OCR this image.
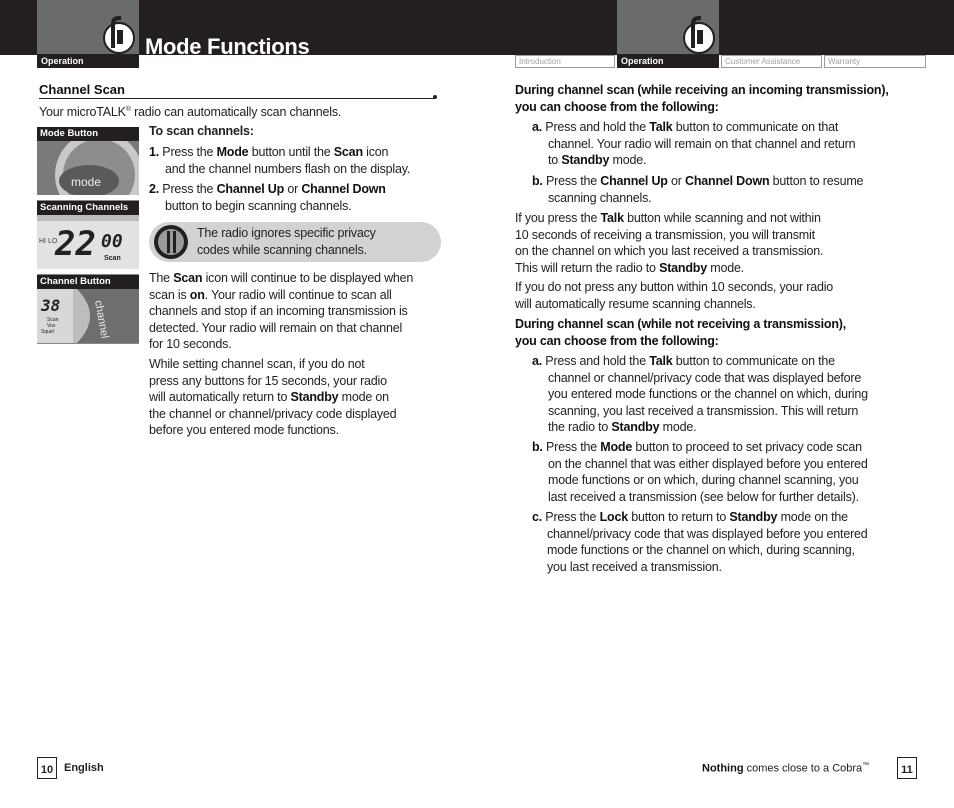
Operation	Operation
Mode Functions
Introduction	Customer Assistance	Warranty
Channel Scan
Your microTALK® radio can automatically scan channels.
Mode Button
mode
Scanning Channels
HI LO
22 00
Scan
Channel Button
38
Scan
Vox
Squel	channel
To scan channels:
1. Press the Mode button until the Scan icon
and the channel numbers flash on the display.
2. Press the Channel Up or Channel Down
button to begin scanning channels.
The radio ignores specific privacy
codes while scanning channels.
The Scan icon will continue to be displayed when
scan is on. Your radio will continue to scan all
channels and stop if an incoming transmission is
detected. Your radio will remain on that channel
for 10 seconds.
While setting channel scan, if you do not
press any buttons for 15 seconds, your radio
will automatically return to Standby mode on
the channel or channel/privacy code displayed
before you entered mode functions.
During channel scan (while receiving an incoming transmission),
you can choose from the following:
a. Press and hold the Talk button to communicate on that
channel. Your radio will remain on that channel and return
to Standby mode.
b. Press the Channel Up or Channel Down button to resume
scanning channels.
If you press the Talk button while scanning and not within
10 seconds of receiving a transmission, you will transmit
on the channel on which you last received a transmission.
This will return the radio to Standby mode.
If you do not press any button within 10 seconds, your radio
will automatically resume scanning channels.
During channel scan (while not receiving a transmission),
you can choose from the following:
a. Press and hold the Talk button to communicate on the
channel or channel/privacy code that was displayed before
you entered mode functions or the channel on which, during
scanning, you last received a transmission. This will return
the radio to Standby mode.
b. Press the Mode button to proceed to set privacy code scan
on the channel that was either displayed before you entered
mode functions or on which, during channel scanning, you
last received a transmission (see below for further details).
c. Press the Lock button to return to Standby mode on the
channel/privacy code that was displayed before you entered
mode functions or the channel on which, during scanning,
you last received a transmission.
10 English	Nothing comes close to a Cobra™	11
